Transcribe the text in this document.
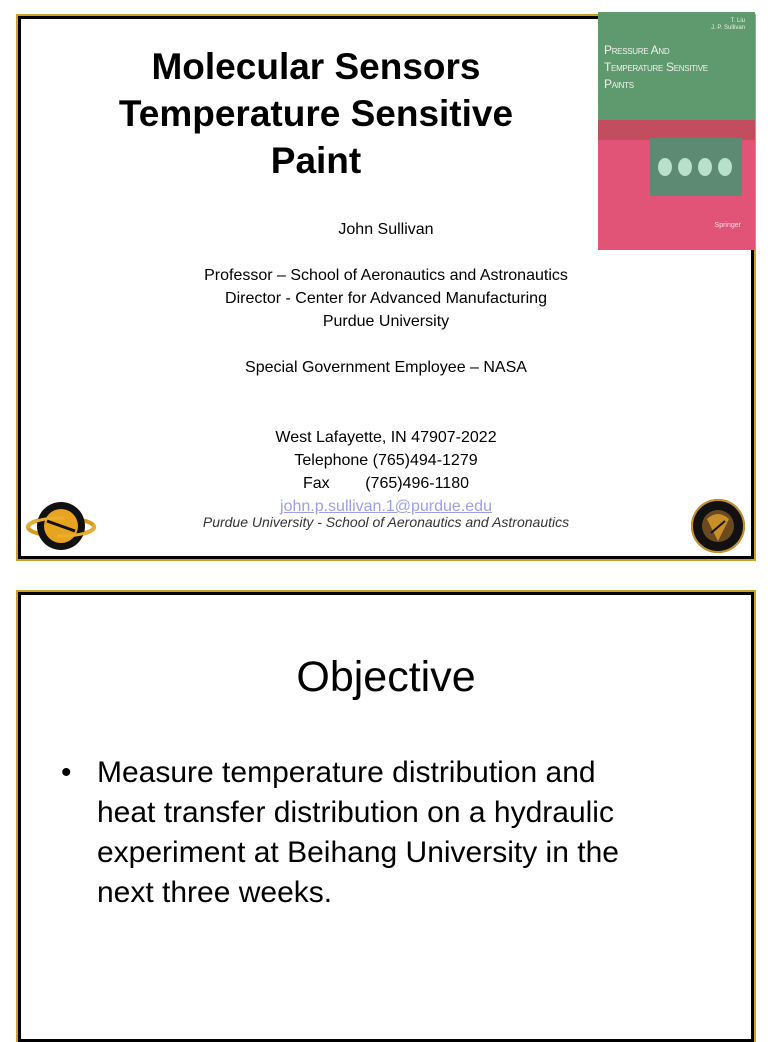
Molecular Sensors
Temperature Sensitive
Paint
T. Liu
J. P. Sullivan
Pressure And
Temperature Sensitive
Paints
Springer

John Sullivan

Professor – School of Aeronautics and Astronautics
Director - Center for Advanced Manufacturing
Purdue University

Special Government Employee – NASA

West Lafayette, IN 47907-2022
Telephone (765)494-1279
Fax        (765)496-1180
john.p.sullivan.1@purdue.edu

Purdue University - School of Aeronautics and Astronautics
Objective
• Measure temperature distribution and
heat transfer distribution on a hydraulic
experiment at Beihang University in the
next three weeks.
